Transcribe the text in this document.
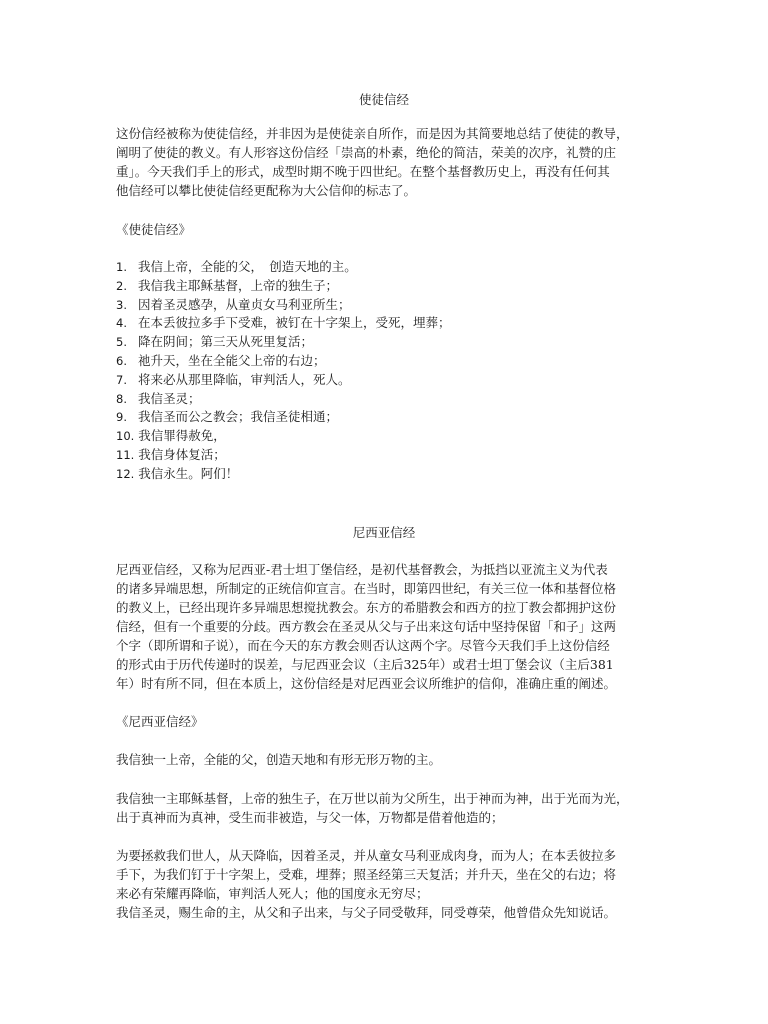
使徒信经
这份信经被称为使徒信经，并非因为是使徒亲自所作，而是因为其简要地总结了使徒的教导，
阐明了使徒的教义。有人形容这份信经「崇高的朴素，绝伦的简洁，荣美的次序，礼赞的庄
重」。今天我们手上的形式，成型时期不晚于四世纪。在整个基督教历史上，再没有任何其
他信经可以攀比使徒信经更配称为大公信仰的标志了。
《使徒信经》
1. 我信上帝，全能的父，　创造天地的主。
2. 我信我主耶稣基督，上帝的独生子；
3. 因着圣灵感孕，从童贞女马利亚所生；
4. 在本丢彼拉多手下受难，被钉在十字架上，受死，埋葬；
5. 降在阴间；第三天从死里复活；
6. 祂升天，坐在全能父上帝的右边；
7. 将来必从那里降临，审判活人，死人。
8. 我信圣灵；
9. 我信圣而公之教会；我信圣徒相通；
10. 我信罪得赦免，
11. 我信身体复活；
12. 我信永生。阿们！
尼西亚信经
尼西亚信经，又称为尼西亚-君士坦丁堡信经，是初代基督教会，为抵挡以亚流主义为代表
的诸多异端思想，所制定的正统信仰宣言。在当时，即第四世纪，有关三位一体和基督位格
的教义上，已经出现许多异端思想搅扰教会。东方的希腊教会和西方的拉丁教会都拥护这份
信经，但有一个重要的分歧。西方教会在圣灵从父与子出来这句话中坚持保留「和子」这两
个字（即所谓和子说），而在今天的东方教会则否认这两个字。尽管今天我们手上这份信经
的形式由于历代传递时的误差，与尼西亚会议（主后325年）或君士坦丁堡会议（主后381
年）时有所不同，但在本质上，这份信经是对尼西亚会议所维护的信仰，准确庄重的阐述。
《尼西亚信经》
我信独一上帝，全能的父，创造天地和有形无形万物的主。
我信独一主耶稣基督，上帝的独生子，在万世以前为父所生，出于神而为神，出于光而为光，
出于真神而为真神，受生而非被造，与父一体，万物都是借着他造的；
为要拯救我们世人，从天降临，因着圣灵，并从童女马利亚成肉身，而为人；在本丢彼拉多
手下，为我们钉于十字架上，受难，埋葬；照圣经第三天复活；并升天，坐在父的右边；将
来必有荣耀再降临，审判活人死人；他的国度永无穷尽；
我信圣灵，赐生命的主，从父和子出来，与父子同受敬拜，同受尊荣，他曾借众先知说话。
